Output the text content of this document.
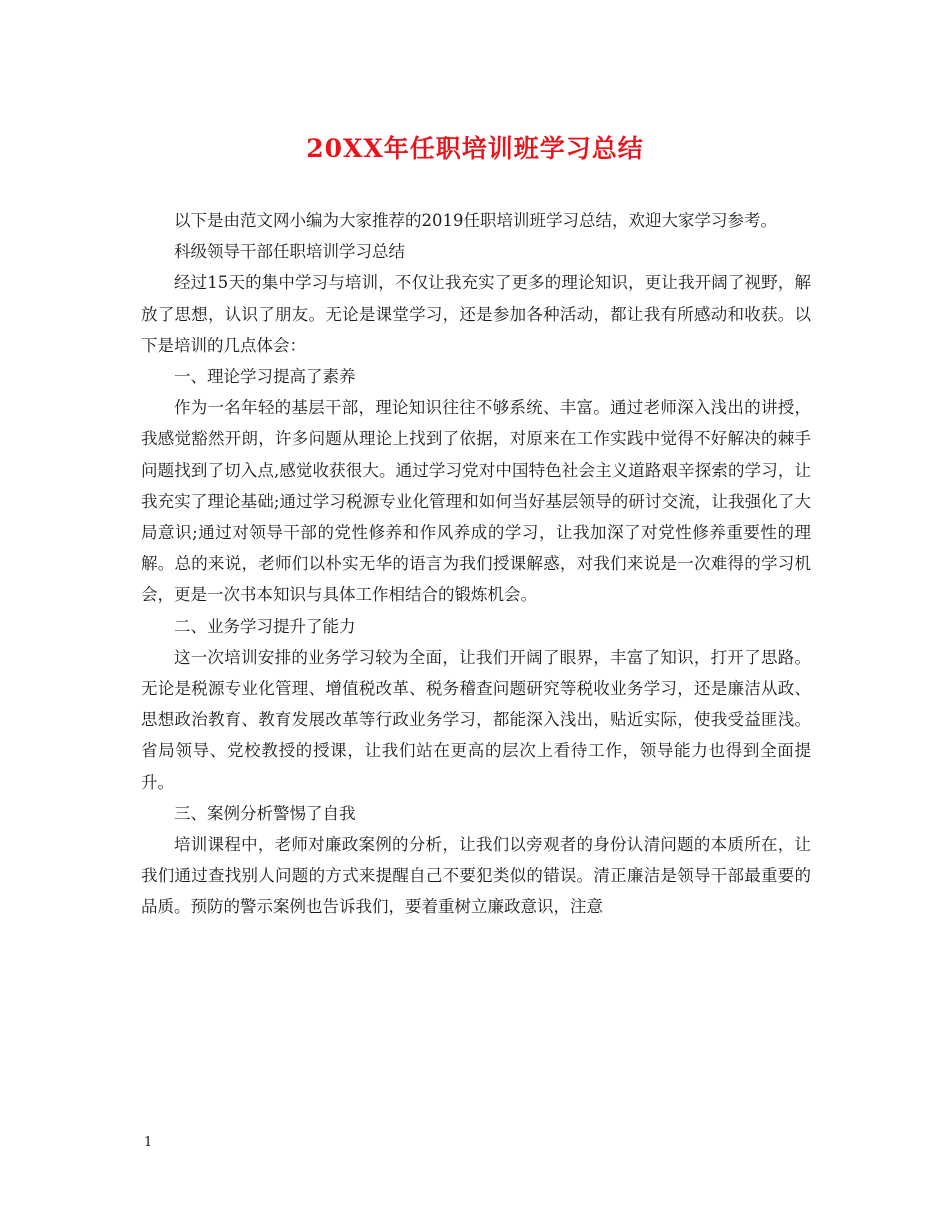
20XX年任职培训班学习总结

以下是由范文网小编为大家推荐的2019任职培训班学习总结，欢迎大家学习参考。

科级领导干部任职培训学习总结

经过15天的集中学习与培训，不仅让我充实了更多的理论知识，更让我开阔了视野，解放了思想，认识了朋友。无论是课堂学习，还是参加各种活动，都让我有所感动和收获。以下是培训的几点体会：

一、理论学习提高了素养

作为一名年轻的基层干部，理论知识往往不够系统、丰富。通过老师深入浅出的讲授，我感觉豁然开朗，许多问题从理论上找到了依据，对原来在工作实践中觉得不好解决的棘手问题找到了切入点,感觉收获很大。通过学习党对中国特色社会主义道路艰辛探索的学习，让我充实了理论基础;通过学习税源专业化管理和如何当好基层领导的研讨交流，让我强化了大局意识;通过对领导干部的党性修养和作风养成的学习，让我加深了对党性修养重要性的理解。总的来说，老师们以朴实无华的语言为我们授课解惑，对我们来说是一次难得的学习机会，更是一次书本知识与具体工作相结合的锻炼机会。

二、业务学习提升了能力

这一次培训安排的业务学习较为全面，让我们开阔了眼界，丰富了知识，打开了思路。无论是税源专业化管理、增值税改革、税务稽查问题研究等税收业务学习，还是廉洁从政、思想政治教育、教育发展改革等行政业务学习，都能深入浅出，贴近实际，使我受益匪浅。省局领导、党校教授的授课，让我们站在更高的层次上看待工作，领导能力也得到全面提升。

三、案例分析警惕了自我

培训课程中，老师对廉政案例的分析，让我们以旁观者的身份认清问题的本质所在，让我们通过查找别人问题的方式来提醒自己不要犯类似的错误。清正廉洁是领导干部最重要的品质。预防的警示案例也告诉我们，要着重树立廉政意识，注意

1
